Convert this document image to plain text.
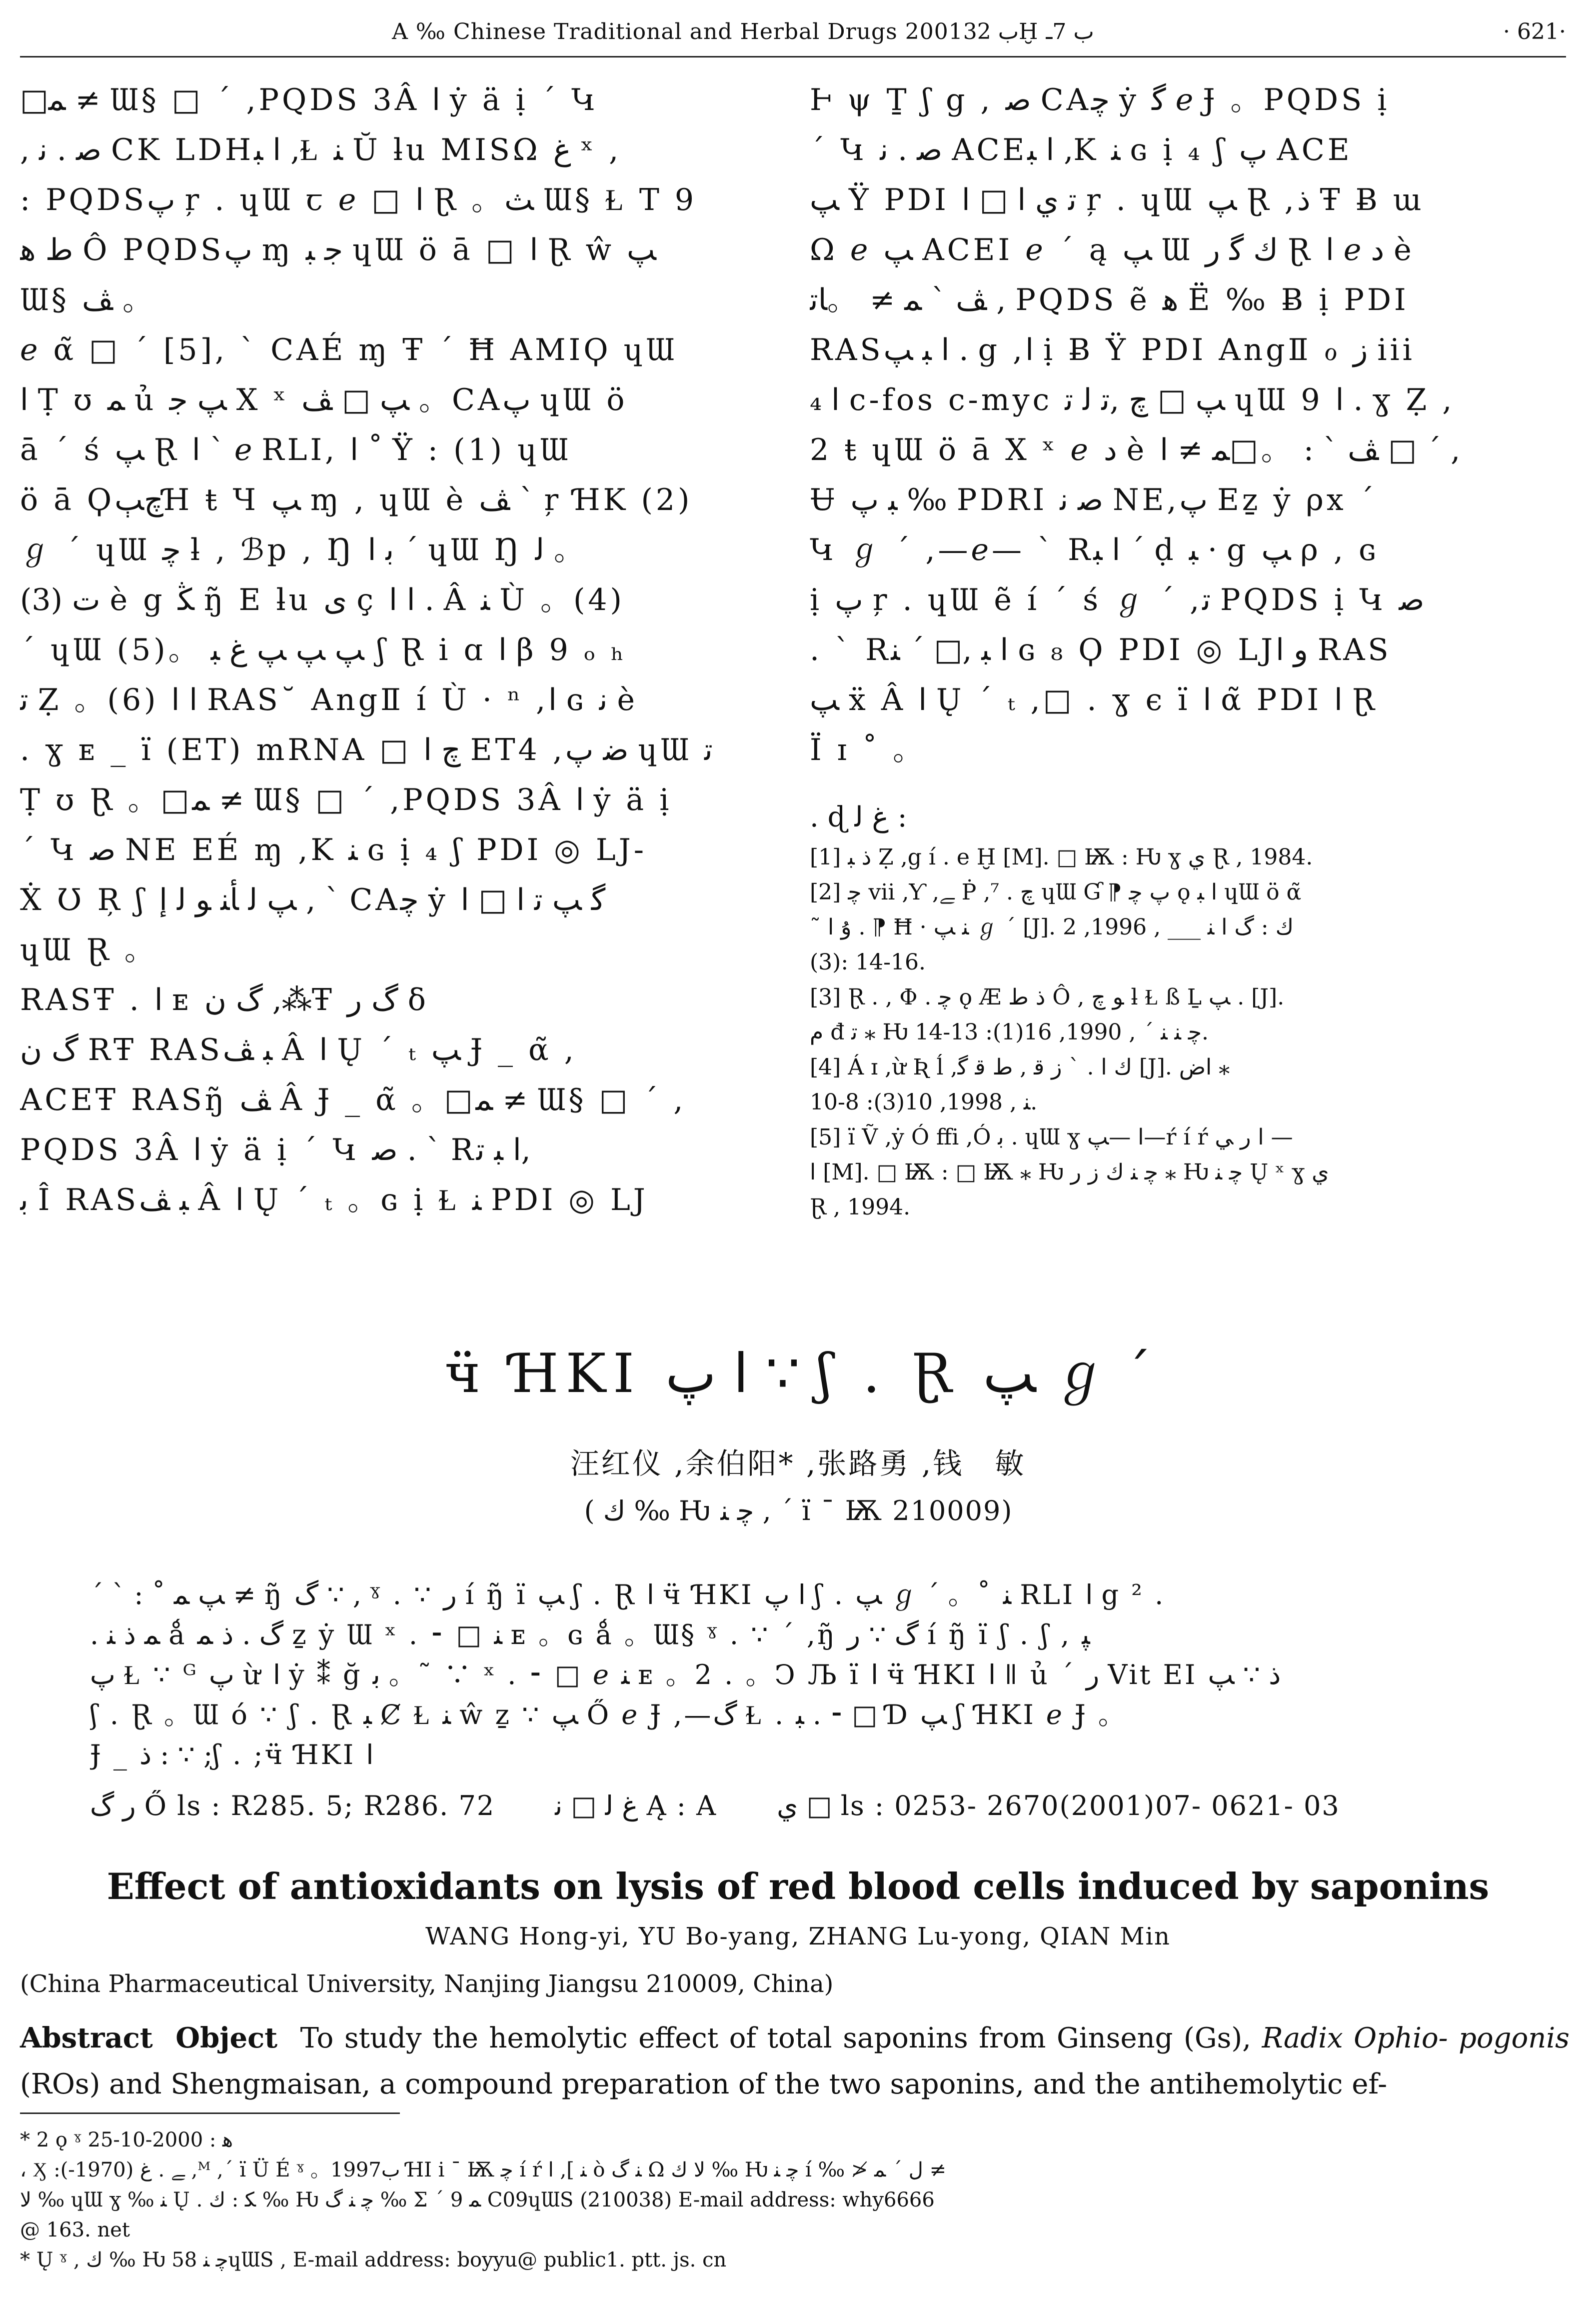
A ‰ Chinese Traditional and Herbal Drugs 2001ب 32Ḫ ب 7ـ	· 621·

□ﻤ ≠ Ɯ§ □ ´ ,PQDS 3Â ﺍ ẏ ä ị ´ Կ

, ﺻ . ﻧ CK LDHﺍ ﺒ ,Ɫ ﻨ Ŭ ƚu MISΩ ﻍ ˣ ,

: PQDSﭖ ŗ . ɥƜ ꞇ ℯ □ ﺍ Ɽ 。ﺚ Ɯ§ Ɫ T 9

ﻁ ﻫ Ô PQDSﭖ ɱ ﺟ ﺒ ɥƜ ö ā □ ﺍ Ɽ ŵ ﭗ

Ɯ§ ﭫ 。

ℯ α̃ □ ´ [5], ` CAÉ ɱ Ŧ ´ Ħ AMIϘ ɥƜ

ﺍ Ṭ ʊ ﻤ ủ ﭗ ﺟ X ˣ ﭗ □ ﭫ 。CAﭖ ɥƜ ö

ā ´ ś ﭗ Ɽ ﺍ ` ℯ RLI, ﺍ ˚ Ÿ : (1) ɥƜ

ö ā ϘﭺﭓꞪ ŧ Ɥ ﭗ ɱ , ɥƜ è ﭫ ` ŗ ꞪK (2)

ℊ ´ ɥƜ ﭼ ƚ , ℬp , Ŋ ﺑ ﺍ ´ ɥƜ Ŋ ﻟ 。

(3) ﺕ è g ﯖ ŋ̃ E ƚu ﻯ ç ﺍ ﺍ . Â ﻨ Ù 。(4)

´ ɥƜ ﭗ ﭗ ﭗ ﻍ ﺒ 。(5) ʃ Ɽ i ɑ ﺍ β 9 ₒ ₕ

ﺗ Ẓ 。(6) ﺍ ﺍ RAS˘ AngⅡ í Ù · ⁿ ,ﺍ ɢ ﻧ è

. ɣ ᴇ _ ï (ET) mRNA □ ﭺ ﺍ ET4 ,ﺿ ﭖ ɥƜ ﺗ

Ṭ ʊ Ɽ 。□ﻤ ≠ Ɯ§ □ ´ ,PQDS 3Â ﺍ ẏ ä ị

´ Կ ﺻ NE EÉ ɱ ,K ﻨ ɢ ị ₄ ʃ PDI ◎ LJ-

Ẋ Ʊ Ŗ ʃ ﭗ ﻟ ﺄﻨ ﻮ ﻟ ﺇ , ` CAﭼ ẏ ﮔ ﭗ ﺗ ﺍ □ ﺍ

ɥƜ Ɽ 。

RASŦ . ﺍ ᴇ ﮒ ﻥ ,⁂Ŧ ﮒ ﺭ δ

ﮒ ﻥ RŦ RASﺒ ﭫ Â ﺍ Ų ´ ₜ ﭗ Ɉ _ α̃ ,

ACEŦ RASŋ̃ ﭫ Â Ɉ _ α̃ 。□ﻤ ≠ Ɯ§ □ ´ ,

PQDS 3Â ﺍ ẏ ä ị ´ Կ ﺻ . ` Rﺍ ﺒ ﺗ,

ﺑ Î RASﺒ ﭫ Â ﺍ Ų ´ ₜ 。ɢ ị Ɫ ﻨ PDI ◎ LJ

Ⱶ ψ Ṯ ʃ g , ﺻ CAﭼ ẏ ﮔ ℯ Ɉ 。PQDS ị

´ Կ ﺻ . ﻧ ACEﺍ ﺒ ,K ﻨ ɢ ị ₄ ʃ ﭖ ACE

ﭗ Ÿ PDI ﺗ ﻱ ﺍ □ ﺍ ŗ . ɥƜ ﭗ Ɽ ,ﺫ Ŧ Ƀ ɯ

Ω ℯ ﭗ ACEI ℯ ´ ą ﭗ Ɯ ﻙ ﮔ ﺭ Ɽ ﺍ ℯ ﺩ è

ﭫ ` ﻤ ≠ 。ﺎﺗ , PQDS ẽ ﻫ Ë ‰ Ƀ ị PDI

RASﺍ ﺒ ﭗ . g ,ﺍ ị Ƀ Ÿ PDI AngⅡ ℴ ﺯ iii

ﺍ ₄ c-fos c-myc ﭗ □ ﭺ ,ﺗ ﻟ ﺗ ɥƜ 9 ﺍ . ɣ Ẓ ,

2 ŧ ɥƜ ö ā X ˣ ℯ ﺩ è ﭫ ` : 。□ﻤ ≠ ﺍ □ ´ ,

Ʉ ﺒ ﭖ ‰ PDRI ﺻ ﻧ NE,ﭖ Eẕ ẏ ρx ´

Կ ℊ ´ ,—ℯ— ` Rﺍ ﺒ ´ ḍ ﺒ · g ﭗ ρ , ɢ

ị ﭖ ŗ . ɥƜ ẽ í ´ ś ℊ ´ ,ﺗ PQDS ị Կ ﺻ

. ` Rﺍ ﺒ ,□ ´ ﻨ ɢ ₈ Ϙ PDI ◎ LJﻭ ﺍ RAS

ﭗ ẍ Â ﺍ Ų ´ ₜ ,□ . ɣ ϵ ï ﺍ α̃ PDI ﺍ Ɽ

Ï ɪ ˚ 。

. ɖ ﻍ ﻟ :

[1] ﺫ ﺒ Ẓ ,g í . e Ḫ [M]. □ Ѭ : Ƕ ɣ ﻱ Ɽ , 1984.

[2] ﭼ vii ,Ƴ ,ﮯ Ṗ ,ﭺ . ⁷ ɥƜ Ɠ ⁋ ﭖ ﭼ ǫ ﺍ ﺒ ɥƜ ö α̃

˜ ﯗ ﺍ . ⁋ Ħ · ﻨ ﭗ ℊ ´ [J]. ﻙ : ﮒ ﺍ ﻨ ___ , 1996, 2

(3): 14-16.

[3] Ɽ . , Φ . ﭼ ǫ Æ ﺫ ﻁ Ô , ﻮ ﭺ ƚ Ɫ ß Ḻ ﭗ . [J].

ﻡ đ ﺗ ⁎ Ƕ ﭼ ﻨ ﻨ ´ , 1990, 16(1): 13-14.

[4] Á ɪ ,ừ Ʀ ĺ ,ﻙ ﺍ . ` ﺯ ﻗ , ﻁ ﻗ ﮔ [J]. ﺍﺽ ⁎

ﻨ , 1998, 10(3): 8-10.

[5] ï Ṽ ,ẏ Ó ffi ,Ó ﺑ . ɥƜ ɣ ﺍ —ﭗ—ŕ í ŕ ﺍ ﺭ ﻲ —

ﺍ [M]. □ Ѭ : □ Ѭ ⁎ Ƕ ﭼ ﻨ ﻙ ﺯ ﺭ ⁎ Ƕ ﭼ ﻨ Ų ˣ ɣ ﻱ

Ɽ , 1994.

ӵ ꞪKⅠ ﺍ ﭖ ∵ ʃ . Ɽ ﭗ ℊ ´
汪红仪 ,余伯阳* ,张路勇 ,钱　敏
( ﻙ ‰ Ƕ ﭼ ﻨ , ´ ï ¯ Ѭ 210009)

ˊ ` : ˚ ﭗ ﻤ ≠ ŋ̃ ﮒ ∵ , ˠ . ∵ ﺭ í ŋ̃ ï ﭗ ʃ . Ɽ ﺍ ӵ ꞪKⅠ ﺍ ﭖ ʃ . ﭗ ℊ ´ 。˚ ﻨ RLI ﺍ g ² .

. ﻤ ﺫ ﻨ ǻ ﮒ . ﺫ ﻤ ẕ ẏ Ɯ ˣ . ⁃ □ ﻨ ᴇ 。ɢ ǻ 。Ɯ§ ˠ . ∵ ´ ,ŋ̃ ﮒ ∵ ﺭ í ŋ̃ ï ʃ . ʃ , ﭙ

ﭖ Ɫ ∵ ᴳ ﭖ ừ ﺍ ẏ ⁑ ğ ﺑ 。˜ ∵ ˣ . ⁃ □ ℯ ﻨ ᴇ 。2 . 。Ͻ Љ ï ﺍ ӵ ꞪKⅠ ﺍ ǁ ủ ´ ﺭ Vit EI ﺫ ∵ ﭗ

ʃ . Ɽ 。Ɯ ó ∵ ʃ . Ɽ ﺒ Ȼ Ɫ ﻨ ŵ ẕ ∵ ﭗ Ő ℯ Ɉ ,—ﮒ Ɫ . ﺒ . ⁃ □ Ɗ ﭗ ʃ ꞪKⅠ ℯ Ɉ 。

Ɉ _ ﺫ : ∵ ;ʃ . ;ӵ ꞪKⅠ ﺍ

ﺭ ﮒ Ő ls : R285. 5; R286. 72 ﻍ ﻟ □ ﻧ Ą : A ﻱ □ ls : 0253- 2670(2001)07- 0621- 03
Effect of antioxidants on lysis of red blood cells induced by saponins
WANG Hong-yi, YU Bo-yang, ZHANG Lu-yong, QIAN Min
(China Pharmaceutical University, Nanjing Jiangsu 210009, China)
Abstract Object To study the hemolytic effect of total saponins from Ginseng (Gs), Radix Ophio- pogonis (ROs) and Shengmaisan, a compound preparation of the two saponins, and the antihemolytic ef-

* 2 ǫ ˠ ﻫ : 2000-10-25

، Ӽ :ﮯ . ﻍ (1970-) ,ᴹ ,´ ï Ü É ˠ 。1997ب ꞪⅠ i ¯ Ѭ ﭼ í ŕ ﻨ ], ﺍ ò ﻨ ﮒ Ω ﻻ ﻙ ‰ Ƕ ﭼ ﻨ í ‰ ≯ ﻝ ´ ﻤ ≠

ﻻ ‰ ɥƜ ɣ ‰ ﻨ Ų . ﻜ : ﻙ ‰ Ƕ ﭼ ﻨ ﮒ ‰ Σ ´ ﻤ 9 C09ɥƜS (210038) E-mail address: why6666

@ 163. net

* Ų ˠ , ﻙ ‰ Ƕ ﭼ ﻨ 58ɥƜS , E-mail address: boyyu@ public1. ptt. js. cn
